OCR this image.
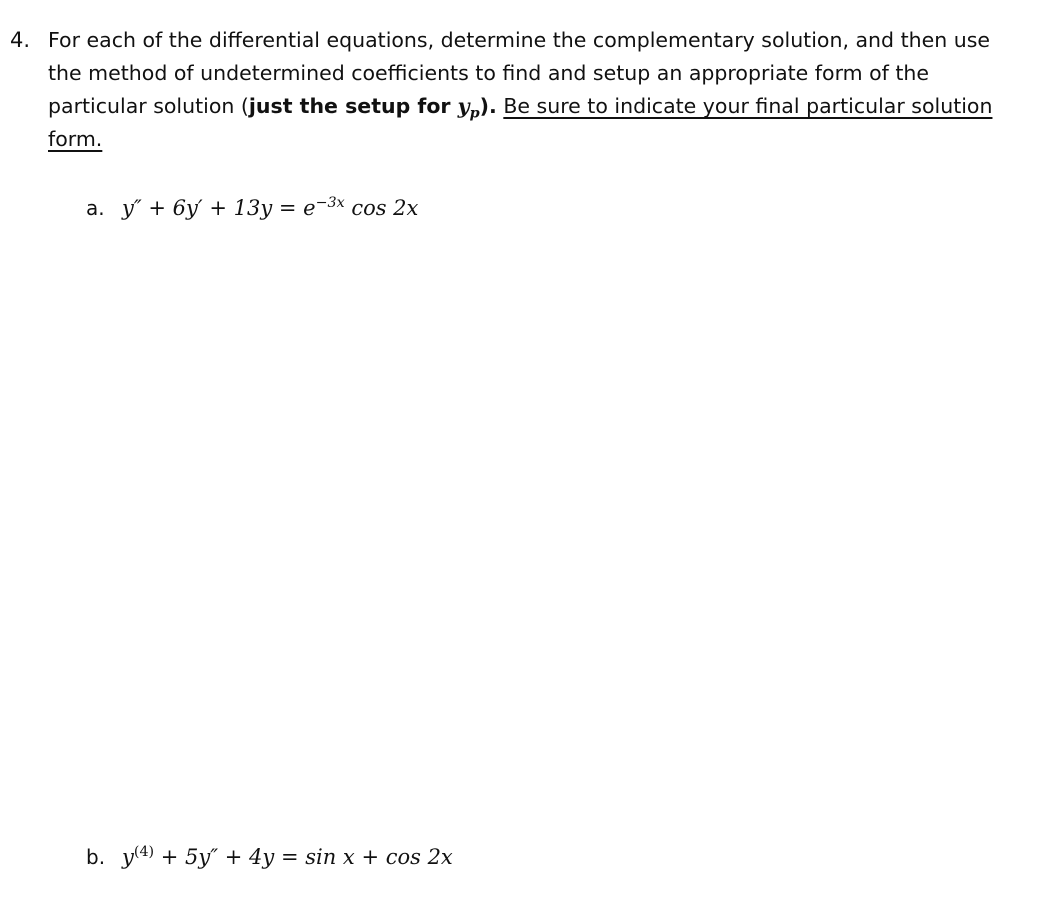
4. For each of the differential equations, determine the complementary solution, and then use the method of undetermined coefficients to find and setup an appropriate form of the particular solution (just the setup for $y_p$). Be sure to indicate your final particular solution form.
a. $y'' + 6y' + 13y = e^{-3x}$ cos 2x
b. $y^{(4)} + 5y'' + 4y = \sin x + \cos 2x$
